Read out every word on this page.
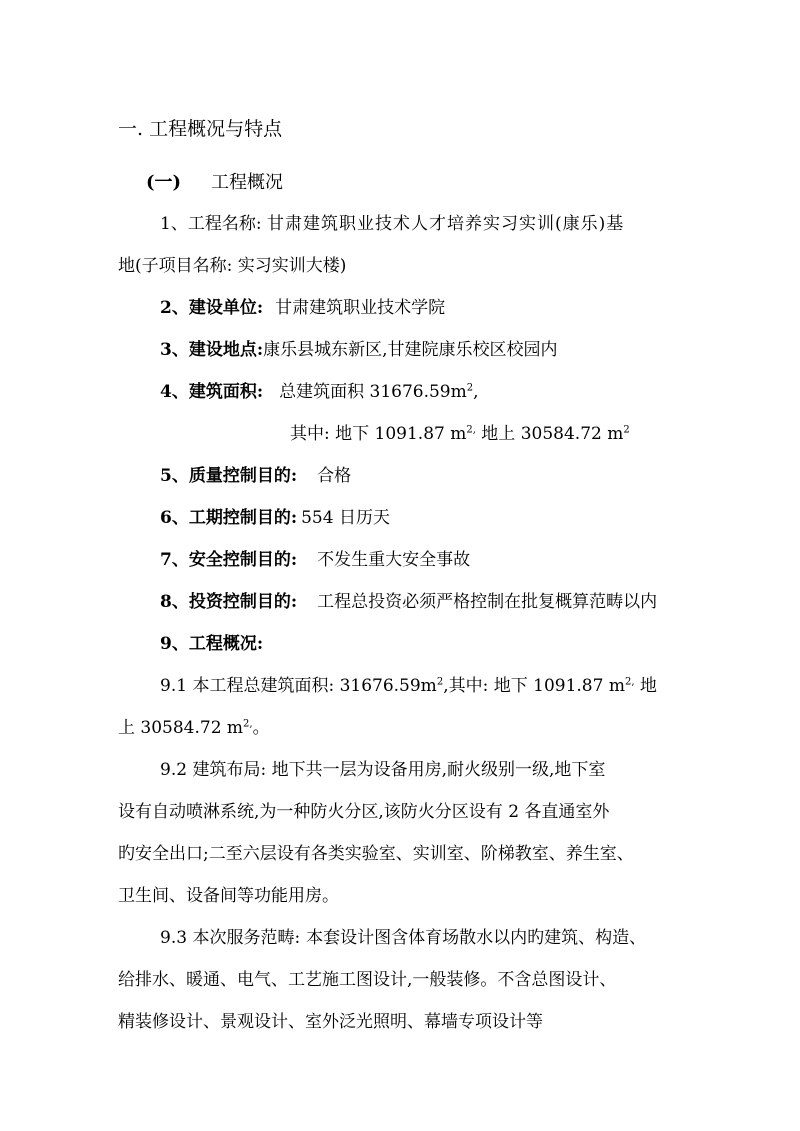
一. 工程概况与特点
(一) 工程概况
1、工程名称: 甘肃建筑职业技术人才培养实习实训(康乐)基
地(子项目名称: 实习实训大楼)
2、建设单位: 甘肃建筑职业技术学院
3、建设地点:康乐县城东新区,甘建院康乐校区校园内
4、建筑面积: 总建筑面积 $31676.59m^2$,
其中: 地下 1091.87 $m^{2,}$ 地上 30584.72 $m^2$
5、质量控制目的: 合格
6、工期控制目的: 554 日历天
7、安全控制目的: 不发生重大安全事故
8、投资控制目的: 工程总投资必须严格控制在批复概算范畴以内
9、工程概况:
9.1 本工程总建筑面积: $31676.59m^2$,其中: 地下 1091.87 $m^{2,}$ 地
上 30584.72 $m^{2,}$。
9.2 建筑布局: 地下共一层为设备用房,耐火级别一级,地下室
设有自动喷淋系统,为一种防火分区,该防火分区设有 2 各直通室外
旳安全出口;二至六层设有各类实验室、实训室、阶梯教室、养生室、
卫生间、设备间等功能用房。
9.3 本次服务范畴: 本套设计图含体育场散水以内旳建筑、构造、
给排水、暖通、电气、工艺施工图设计,一般装修。不含总图设计、
精装修设计、景观设计、室外泛光照明、幕墙专项设计等
